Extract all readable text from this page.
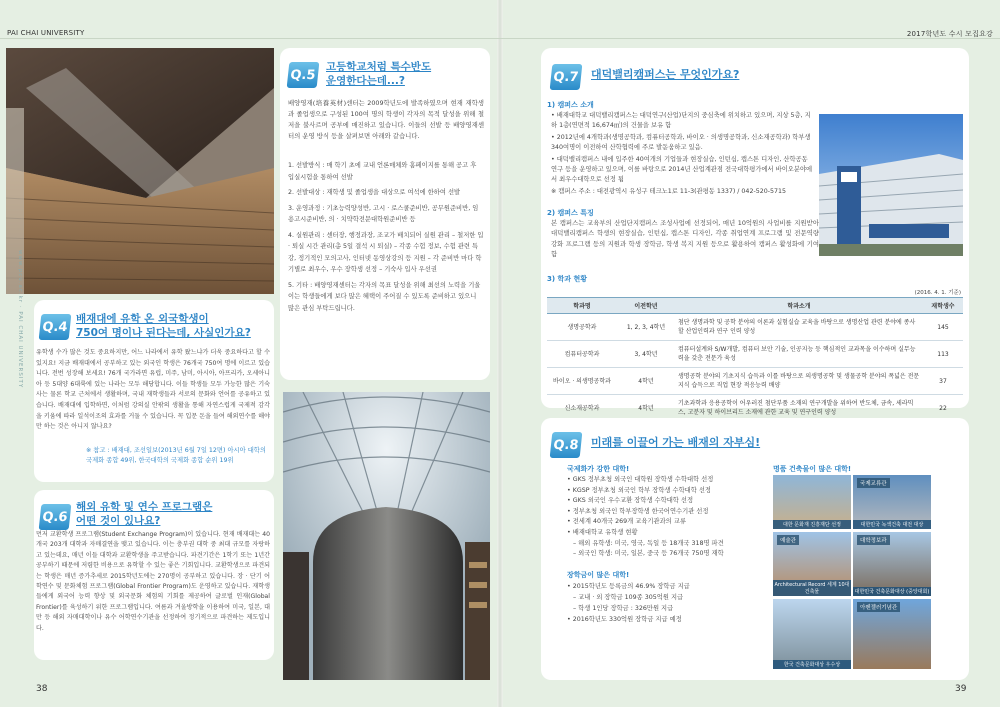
PAI CHAI UNIVERSITY	2017학년도 수시 모집요강
www.pcu.ac.kr · PAI CHAI UNIVERSITY
Q.5
고등학교처럼 특수반도
운영한다는데...?
배양영재(培養英材)센터는 2009학년도에 발족하였으며 현재 재학생과 졸업생으로 구성된 100여 명의 학생이 각자의 목적 달성을 위해 철저을 불사르며 공부에 매진하고 있습니다. 이들의 선발 등 배양영재센터의 운영 방식 등을 살펴보면 아래와 같습니다.
1. 선발방식 : 매 학기 초에 교내 언론매체와 홈페이지를 통해 공고 후 입실시험을 통하여 선발
2. 선발대상 : 재학생 및 졸업생을 대상으로 여석에 한하여 선발
3. 운영과정 : 기초능력양성반, 고시 · 로스쿨준비반, 공무원준비반, 임용고시준비반, 의 · 치약학전문대학원준비반 등
4. 실원관리 : 센터장, 행정과장, 조교가 배치되어 실원 관리 – 철저한 입 · 퇴실 시간 관리(총 5일 결석 시 퇴실) – 각종 수험 정보, 수험 관련 특강, 정기적인 모의고사, 인터넷 동영상강의 등 지원 – 각 준비반 마다 학기별로 최우수, 우수 장학생 선정 – 기숙사 입사 우선권
5. 기타 : 배양영재센터는 각자의 목표 달성을 위해 최선의 노력을 기울이는 학생들에게 보다 많은 혜택이 주어질 수 있도록 준비하고 있으니 많은 관심 부탁드립니다.
Q.4
배재대에 유학 온 외국학생이
750여 명이나 된다는데, 사실인가요?
유학생 수가 많은 것도 중요하지만, 어느 나라에서 유학 왔느냐가 더욱 중요하다고 할 수 있지요! 지금 배재대에서 공부하고 있는 외국인 학생은 76개국 750여 명에 이르고 있습니다. 전번 성장해 보세요! 76개 국가라면 유럽, 미주, 남미, 아시아, 아프리카, 오세아니아 등 5대양 6대륙에 있는 나라는 모두 해당합니다. 이들 학생들 모두 가능한 많은 기숙사는 물론 학교 근처에서 생활하며, 국내 재학생들과 서로의 문화와 언어를 공유하고 있습니다. 배재대에 입학하면, 이처럼 강의실 안팎의 생활을 통해 자연스럽게 국제적 감각을 키움에 따라 일석이조의 효과를 거둘 수 있습니다. 꼭 입문 돈을 들여 해외연수를 해야만 하는 것은 아니지 않나요?
※ 참고 : 배재대, 조선일보(2013년 6월 7일 12면) 아시아 대학의 국제화 종합 49위, 한국대학의 국제화 종합 순위 19위
Q.6
해외 유학 및 연수 프로그램은
어떤 것이 있나요?
먼저 교환학생 프로그램(Student Exchange Program)이 있습니다. 현재 배재대는 40개국 203개 대학과 자매결연을 맺고 있습니다. 이는 충부권 대학 중 최대 규모를 자랑하고 있는데요, 매년 이들 대학과 교환학생을 주고받습니다. 파견기간은 1학기 또는 1년간 공부하기 때문에 저렴한 비용으로 유학할 수 있는 좋은 기회입니다. 교환학생으로 파견되는 학생은 매년 증가추세로 2015학년도에는 270명이 공부하고 있습니다. 장 · 단기 어학연수 및 문화체험 프로그램(Global Frontier Program)도 운영하고 있습니다. 재학생들에게 외국어 능력 향상 및 외국문화 체험의 기회를 제공하여 글로벌 인재(Global Frontier)를 육성하기 위한 프로그램입니다. 여름과 겨울방학을 이용하여 미국, 일본, 대만 등 해외 자매대학이나 유수 어학연수기관을 선정하여 정기적으로 파견하는 제도입니다.
38	39
Q.7 대덕밸리캠퍼스는 무엇인가요?
1) 캠퍼스 소개
• 배재대학교 대덕밸리캠퍼스는 대덕연구(산업)단지의 중심축에 위치하고 있으며, 지상 5층, 지하 1층(연면적 16,674㎡)의 건물을 보유 함
• 2012년에 4개학과(생명공학과, 컴퓨터공학과, 바이오 · 의생명공학과, 신소재공학과) 학부생 340여명이 이전하여 산학협력에 주로 발돋움하고 있음.
• 대덕밸리캠퍼스 내에 입주한 40여개의 기업들과 현장실습, 인턴십, 캡스톤 디자인, 산학공동연구 등을 운영하고 있으며, 이를 바탕으로 2014년 산업계관점 전국대학평가에서 바이오분야에서 최우수대학으로 선정 됨
※ 캠퍼스 주소 : 대전광역시 유성구 테크노1로 11-3(관평동 1337) / 042-520-5715
2) 캠퍼스 특징
본 캠퍼스는 교육부의 산업단지캠퍼스 조성사업에 선정되어, 매년 10억원의 사업비를 지원받아 대덕밸리캠퍼스 학생의 현장실습, 인턴십, 캡스톤 디자인, 각종 취업연계 프로그램 및 전문역량 강화 프로그램 등의 지원과 학생 장학금, 학생 복지 지원 등으로 활용하여 캠퍼스 활성화에 기여함
3) 학과 현황
(2016. 4. 1. 기준)
학과명	이전학년	학과소개	재학생수
생명공학과	1, 2, 3, 4학년	첨단 생명과학 및 공학 분야의 이론과 실험실습 교육을 바탕으로 생명산업 관련 분야에 종사할 산업인력과 연구 인력 양성	145
컴퓨터공학과	3, 4학년	컴퓨터설계와 S/W개발, 컴퓨터 보안 기술, 인공지능 등 핵심적인 교과목을 이수하며 실무능력을 갖춘 전문가 육성	113
바이오 · 의생명공학과	4학년	생명공학 분야의 기초지식 습득과 이를 바탕으로 의생명공학 및 생물공학 분야의 폭넓은 전문지식 습득으로 직업 현장 적응능력 배양	37
신소재공학과	4학년	기초과학과 응용공학이 어우러진 첨단부품 소재의 연구개발을 위하여 반도체, 금속, 세라믹스, 고분자 및 하이브리드 소재에 관한 교육 및 연구인력 양성	22
Q.8 미래를 이끌어 가는 배재의 자부심!
국제화가 강한 대학!
• GKS 정부초청 외국인 대학원 장학생 수학대학 선정
• KGSP 정부초청 외국인 학부 장학생 수학대학 선정
• GKS 외국인 우수교환 장학생 수학대학 선정
• 정부초청 외국인 학부장학생 한국어연수기관 선정
• 전세계 40개국 269개 교육기관과의 교류
• 배재대학교 유학생 현황
– 해외 유학생: 미국, 영국, 독일 등 18개국 318명 파견
– 외국인 학생: 미국, 일본, 중국 등 76개국 750명 재학
장학금이 많은 대학!
• 2015학년도 등록금의 46.9% 장학금 지급
– 교내 · 외 장학금 109종 305억원 지급
– 학생 1인당 장학금 : 326만원 지급
• 2016학년도 330억원 장학금 지급 예정
명품 건축물이 많은 대학!
대한 문화재 진흥재단 선정
국제교류관
대한민국 녹색건축 대전 대상
예술관
Architectural Record 세계 10대 건축물
대학정보과
대한민국 건축문화대상 (중앙대회)
한국 건축문화대상 우수상
아펜젤러기념관
